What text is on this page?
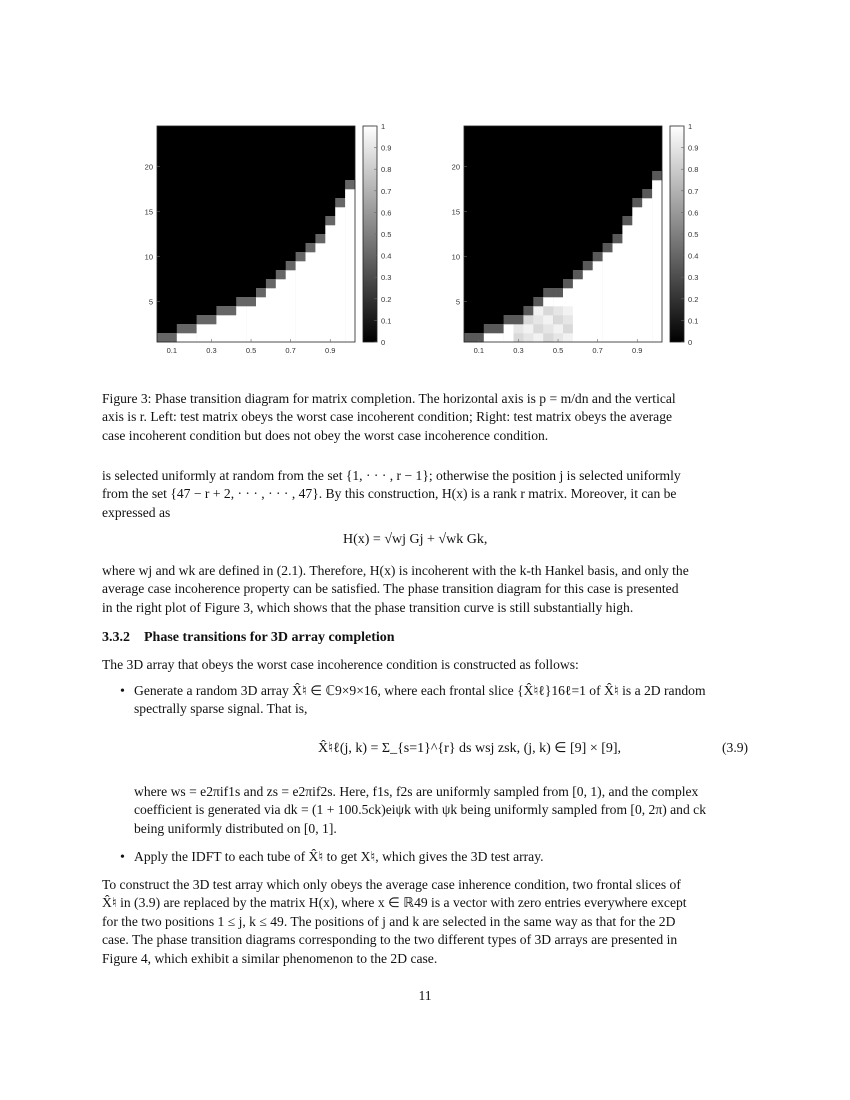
0.1	0.3	0.5	0.7	0.9
5
10
15
20
0
0.1
0.2
0.3
0.4
0.5
0.6
0.7
0.8
0.9
1
0.1	0.3	0.5	0.7	0.9
5
10
15
20
0
0.1
0.2
0.3
0.4
0.5
0.6
0.7
0.8
0.9
1
Figure 3: Phase transition diagram for matrix completion. The horizontal axis is p = m/dn and the vertical
axis is r. Left: test matrix obeys the worst case incoherent condition; Right: test matrix obeys the average
case incoherent condition but does not obey the worst case incoherence condition.
is selected uniformly at random from the set {1, · · · , r − 1}; otherwise the position j is selected uniformly
from the set {47 − r + 2, · · · , · · · , 47}. By this construction, H(x) is a rank r matrix. Moreover, it can be
expressed as
H(x) = √wj Gj + √wk Gk,
where wj and wk are defined in (2.1). Therefore, H(x) is incoherent with the k-th Hankel basis, and only the
average case incoherence property can be satisfied. The phase transition diagram for this case is presented
in the right plot of Figure 3, which shows that the phase transition curve is still substantially high.
3.3.2 Phase transitions for 3D array completion
The 3D array that obeys the worst case incoherence condition is constructed as follows:
• Generate a random 3D array X̂♮ ∈ ℂ9×9×16, where each frontal slice {X̂♮ℓ}16ℓ=1 of X̂♮ is a 2D random
spectrally sparse signal. That is,
X̂♮ℓ(j, k) = Σ_{s=1}^{r} ds wsj zsk, (j, k) ∈ [9] × [9],	(3.9)
where ws = e2πif1s and zs = e2πif2s. Here, f1s, f2s are uniformly sampled from [0, 1), and the complex
coefficient is generated via dk = (1 + 100.5ck)eiψk with ψk being uniformly sampled from [0, 2π) and ck
being uniformly distributed on [0, 1].
• Apply the IDFT to each tube of X̂♮ to get X♮, which gives the 3D test array.
To construct the 3D test array which only obeys the average case inherence condition, two frontal slices of
X̂♮ in (3.9) are replaced by the matrix H(x), where x ∈ ℝ49 is a vector with zero entries everywhere except
for the two positions 1 ≤ j, k ≤ 49. The positions of j and k are selected in the same way as that for the 2D
case. The phase transition diagrams corresponding to the two different types of 3D arrays are presented in
Figure 4, which exhibit a similar phenomenon to the 2D case.
11
